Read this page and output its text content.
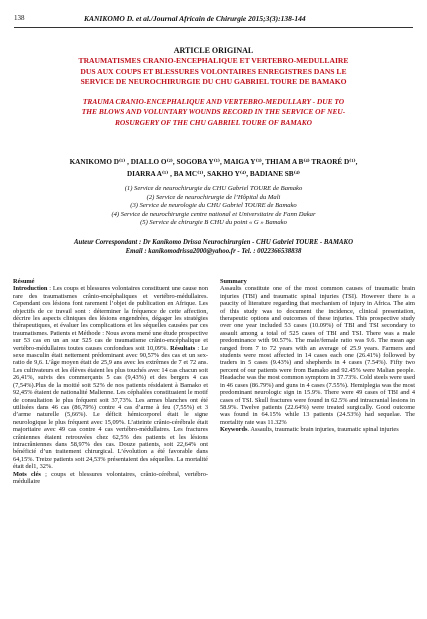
138	KANIKOMO D. et al./Journal Africain de Chirurgie 2015;3(3):138-144
ARTICLE ORIGINAL
TRAUMATISMES CRANIO-ENCEPHALIQUE ET VERTEBRO-MEDULLAIRE
DUS AUX COUPS ET BLESSURES VOLONTAIRES ENREGISTRES DANS LE
SERVICE DE NEUROCHIRURGIE DU CHU GABRIEL TOURE DE BAMAKO
TRAUMA CRANIO-ENCEPHALIQUE AND VERTEBRO-MEDULLARY - DUE TO
THE BLOWS AND VOLUNTARY WOUNDS RECORD IN THE SERVICE OF NEU-
ROSURGERY OF THE CHU GABRIEL TOURE OF BAMAKO
KANIKOMO D⁽¹⁾ , DIALLO O⁽²⁾, SOGOBA Y⁽¹⁾, MAIGA Y⁽³⁾, THIAM A B⁽⁴⁾ TRAORÉ D⁽¹⁾,
DIARRA A⁽¹⁾ , BA MC⁽¹⁾, SAKHO Y⁽⁴⁾, BADIANE SB⁽⁴⁾
(1) Service de neurochirurgie du CHU Gabriel TOURE de Bamako
(2) Service de neurochirurgie de l’Hôpital du Mali
(3) Service de neurologie du CHU Gabriel TOURE de Bamako
(4) Service de neurochirurgie centre national et Universitaire de Fann Dakar
(5) Service de chirurgie B CHU du point « G » Bamako
Auteur Correspondant : Dr Kanikomo Drissa Neurochirurgien - CHU Gabriel TOURE - BAMAKO
Email : kanikomodrissa2000@yahoo.fr - Tel. : 0022366538838
Résumé

Introduction : Les coups et blessures volontaires constituent une cause non rare des traumatismes crânio-encéphaliques et vertébro-médullaires. Cependant ces lésions font rarement l’objet de publication en Afrique. Les objectifs de ce travail sont : déterminer la fréquence de cette affection, décrire les aspects cliniques des lésions engendrées, dégager les stratégies thérapeutiques, et évaluer les complications et les séquelles causées par ces traumatismes. Patients et Méthode : Nous avons mené une étude prospective sur 53 cas en un an sur 525 cas de traumatisme crânio-encéphalique et vertébro-médullaires toutes causes confondues soit 10,09%. Résultats : Le sexe masculin était nettement prédominant avec 90,57% des cas et un sex-ratio de 9,6. L’âge moyen était de 25,9 ans avec les extrêmes de 7 et 72 ans. Les cultivateurs et les élèves étaient les plus touchés avec 14 cas chacun soit 26,41%, suivis des commerçants 5 cas (9,43%) et des bergers 4 cas (7,54%).Plus de la moitié soit 52% de nos patients résidaient à Bamako et 92,45% étaient de nationalité Malienne. Les céphalées constituaient le motif de consultation le plus fréquent soit 37,73%. Les armes blanches ont été utilisées dans 46 cas (86,79%) contre 4 cas d’arme à feu (7,55%) et 3 d’arme naturelle (5,66%). Le déficit hémicorporel était le signe neurologique le plus fréquent avec 15,09%. L’atteinte crânio-cérébrale était majoritaire avec 49 cas contre 4 cas vertébro-médullaires. Les fractures crâniennes étaient retrouvées chez 62,5% des patients et les lésions intracrâniennes dans 58,97% des cas. Douze patients, soit 22,64% ont bénéficié d’un traitement chirurgical. L’évolution a été favorable dans 64,15%. Treize patients soit 24,53% présentaient des séquelles. La mortalité était del1, 32%.

Mots clés ; coups et blessures volontaires, crânio-cérébral, vertébro-médullaire

Summary

Assaults constitute one of the most common causes of traumatic brain injuries (TBI) and traumatic spinal injuries (TSI). However there is a paucity of literature regarding that mechanism of injury in Africa. The aim of this study was to document the incidence, clinical presentation, therapeutic options and outcomes of these injuries. This prospective study over one year included 53 cases (10.09%) of TBI and TSI secondary to assault among a total of 525 cases of TBI and TSI. There was a male predominance with 90.57%. The male/female ratio was 9.6. The mean age ranged from 7 to 72 years with an average of 25.9 years. Farmers and students were most affected in 14 cases each one (26.41%) followed by traders in 5 cases (9.43%) and shepherds in 4 cases (7.54%). Fifty two percent of our patients were from Bamako and 92.45% were Malian people. Headache was the most common symptom in 37.73%. Cold steels were used in 46 cases (86.79%) and guns in 4 cases (7.55%). Hemiplegia was the most predominant neurologic sign in 15.9%. There were 49 cases of TBI and 4 cases of TSI. Skull fractures were found in 62.5% and intracranial lesions in 58.9%. Twelve patients (22.64%) were treated surgically. Good outcome was found in 64.15% while 13 patients (24.53%) had sequelae. The mortality rate was 11.32%

Keywords. Assaults, traumatic brain injuries, traumatic spinal injuries
